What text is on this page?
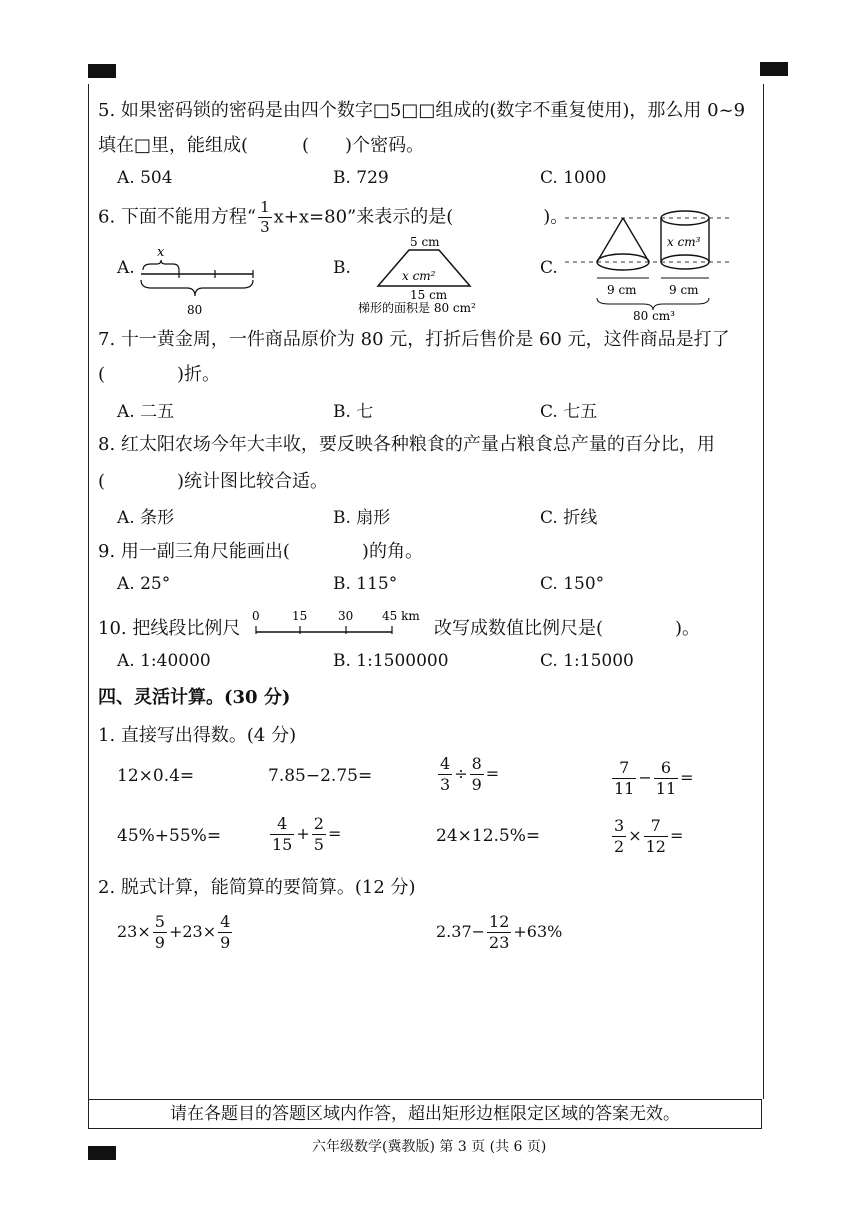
5. 如果密码锁的密码是由四个数字□5□□组成的(数字不重复使用)，那么用 0~9
填在□里，能组成(　　　(　　)个密码。
A. 504	B. 729	C. 1000
6. 下面不能用方程“ $\frac{1}{3} x+x=80$”来表示的是(　　　　　)。
A.
x
80
B.
5 cm
x cm²
15 cm
梯形的面积是 80 cm²
C.
x cm³
9 cm	9 cm
80 cm³
7. 十一黄金周，一件商品原价为 80 元，打折后售价是 60 元，这件商品是打了
(　　　　)折。
A. 二五	B. 七	C. 七五
8. 红太阳农场今年大丰收，要反映各种粮食的产量占粮食总产量的百分比，用
(　　　　)统计图比较合适。
A. 条形	B. 扇形	C. 折线
9. 用一副三角尺能画出(　　　　)的角。
A. 25°	B. 115°	C. 150°
10. 把线段比例尺
0	15	30 45 km
改写成数值比例尺是(　　　　)。
A. 1:40000	B. 1:1500000	C. 1:15000
四、灵活计算。(30 分)
1. 直接写出得数。(4 分)
12×0.4=	7.85−2.75=	$\frac{4}{3} \div \frac{8}{9}$ =	$\frac{7}{11} - \frac{6}{11}$ =
45%+55%=	$\frac{4}{15} + \frac{2}{5}$ =	24×12.5%=	$\frac{3}{2} \times \frac{7}{12}$ =
2. 脱式计算，能简算的要简算。(12 分)
$23\times \frac{5}{9} +23\times \frac{4}{9}$	$2.37- \frac{12}{23} +63\%$
请在各题目的答题区域内作答，超出矩形边框限定区域的答案无效。
六年级数学(冀教版) 第 3 页 (共 6 页)
